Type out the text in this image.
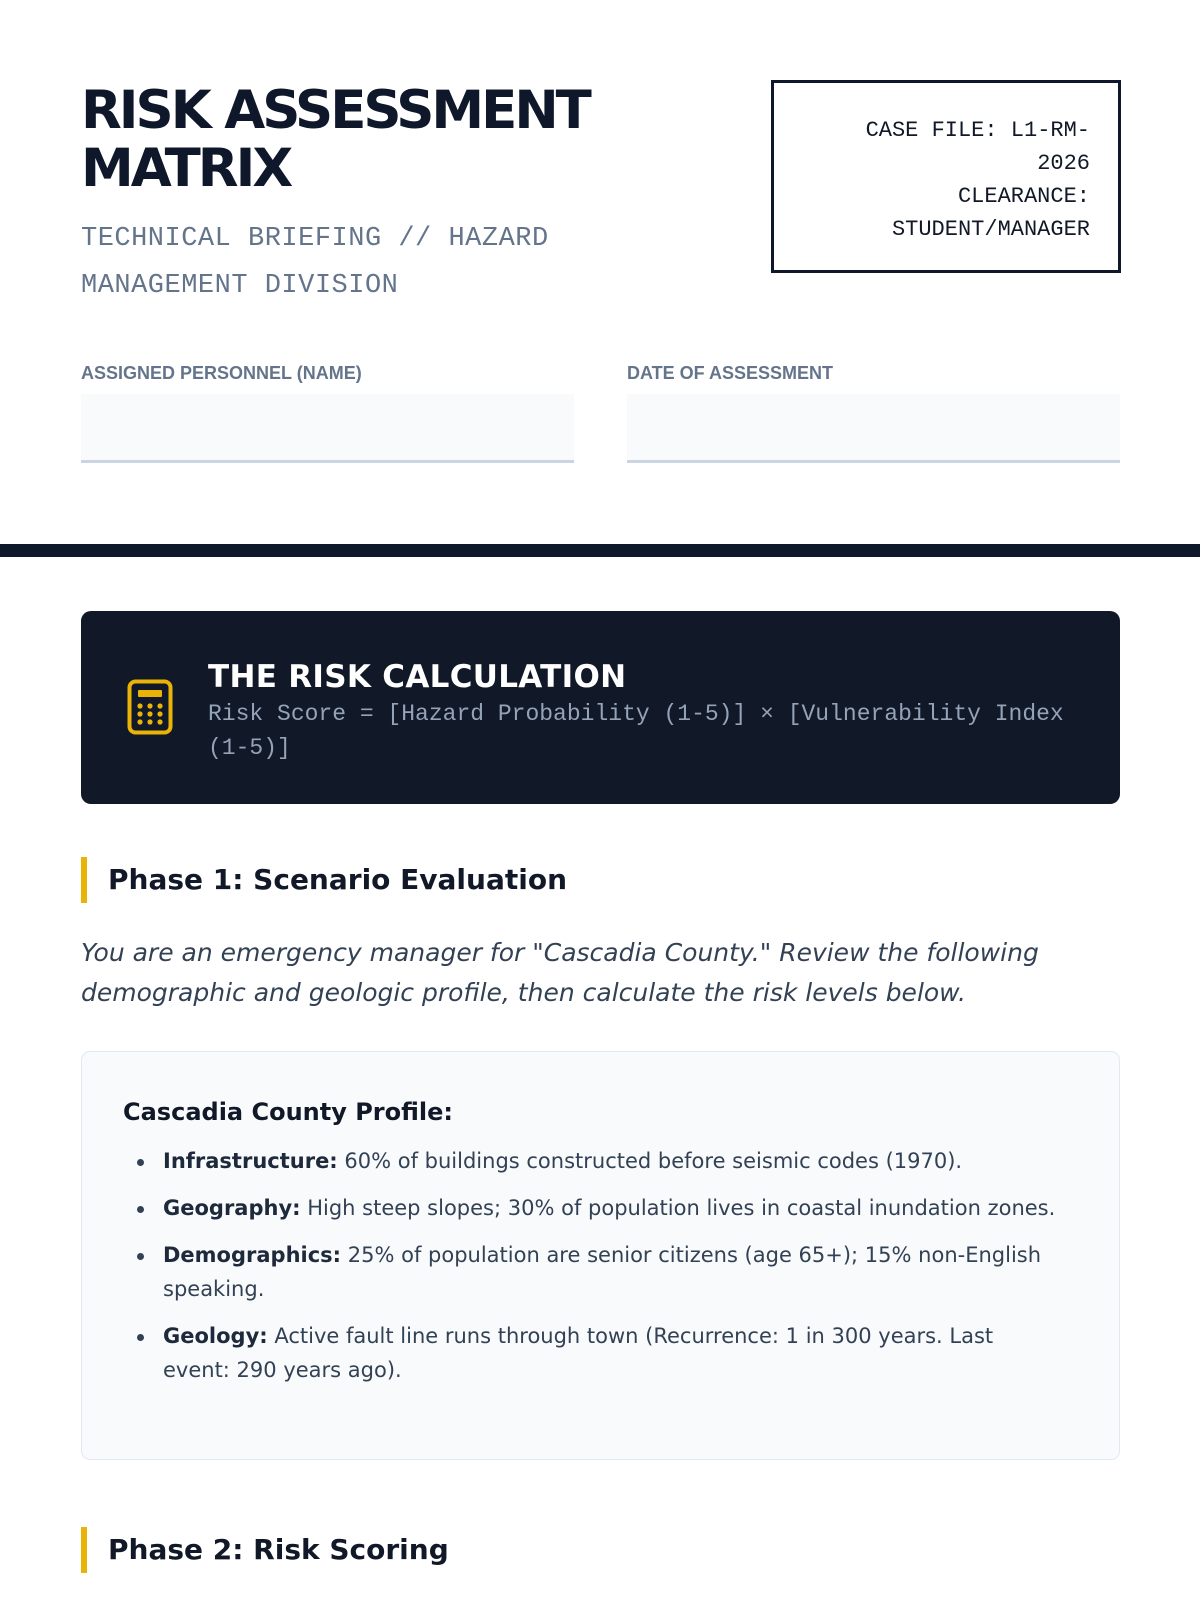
RISK ASSESSMENT
MATRIX
TECHNICAL BRIEFING // HAZARD MANAGEMENT DIVISION
CASE FILE: L1-RM-
2026
CLEARANCE:
STUDENT/MANAGER
ASSIGNED PERSONNEL (NAME)	DATE OF ASSESSMENT
THE RISK CALCULATION
Risk Score = [Hazard Probability (1-5)] × [Vulnerability Index (1-5)]
Phase 1: Scenario Evaluation

You are an emergency manager for "Cascadia County." Review the following demographic and geologic profile, then calculate the risk levels below.

Cascadia County Profile:
Infrastructure: 60% of buildings constructed before seismic codes (1970).
Geography: High steep slopes; 30% of population lives in coastal inundation zones.
Demographics: 25% of population are senior citizens (age 65+); 15% non-English speaking.
Geology: Active fault line runs through town (Recurrence: 1 in 300 years. Last event: 290 years ago).
Phase 2: Risk Scoring
